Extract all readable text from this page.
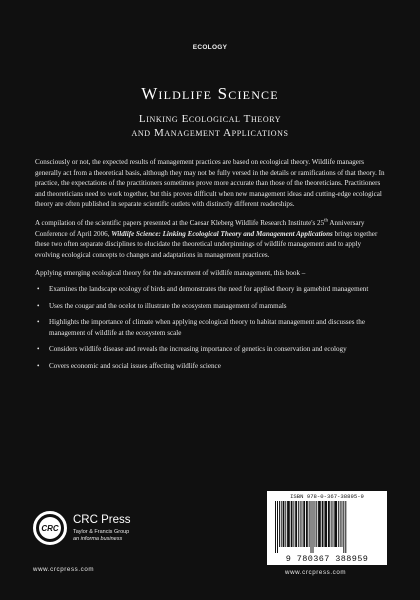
ECOLOGY
Wildlife Science
Linking Ecological Theory
and Management Applications

Consciously or not, the expected results of management practices are based on ecological theory. Wildlife managers generally act from a theoretical basis, although they may not be fully versed in the details or ramifications of that theory. In practice, the expectations of the practitioners sometimes prove more accurate than those of the theoreticians. Practitioners and theoreticians need to work together, but this proves difficult when new management ideas and cutting-edge ecological theory are often published in separate scientific outlets with distinctly different readerships.

A compilation of the scientific papers presented at the Caesar Kleberg Wildlife Research Institute's 25th Anniversary Conference of April 2006, Wildlife Science: Linking Ecological Theory and Management Applications brings together these two often separate disciplines to elucidate the theoretical underpinnings of wildlife management and to apply evolving ecological concepts to changes and adaptations in management practices.

Applying emerging ecological theory for the advancement of wildlife management, this book –

• Examines the landscape ecology of birds and demonstrates the need for applied theory in gamebird management
• Uses the cougar and the ocelot to illustrate the ecosystem management of mammals
• Highlights the importance of climate when applying ecological theory to habitat management and discusses the management of wildlife at the ecosystem scale
• Considers wildlife disease and reveals the increasing importance of genetics in conservation and ecology
• Covers economic and social issues affecting wildlife science
CRC
CRC Press
Taylor & Francis Group
an informa business
www.crcpress.com
ISBN 978-0-367-38895-9
9 780367 388959
www.crcpress.com
